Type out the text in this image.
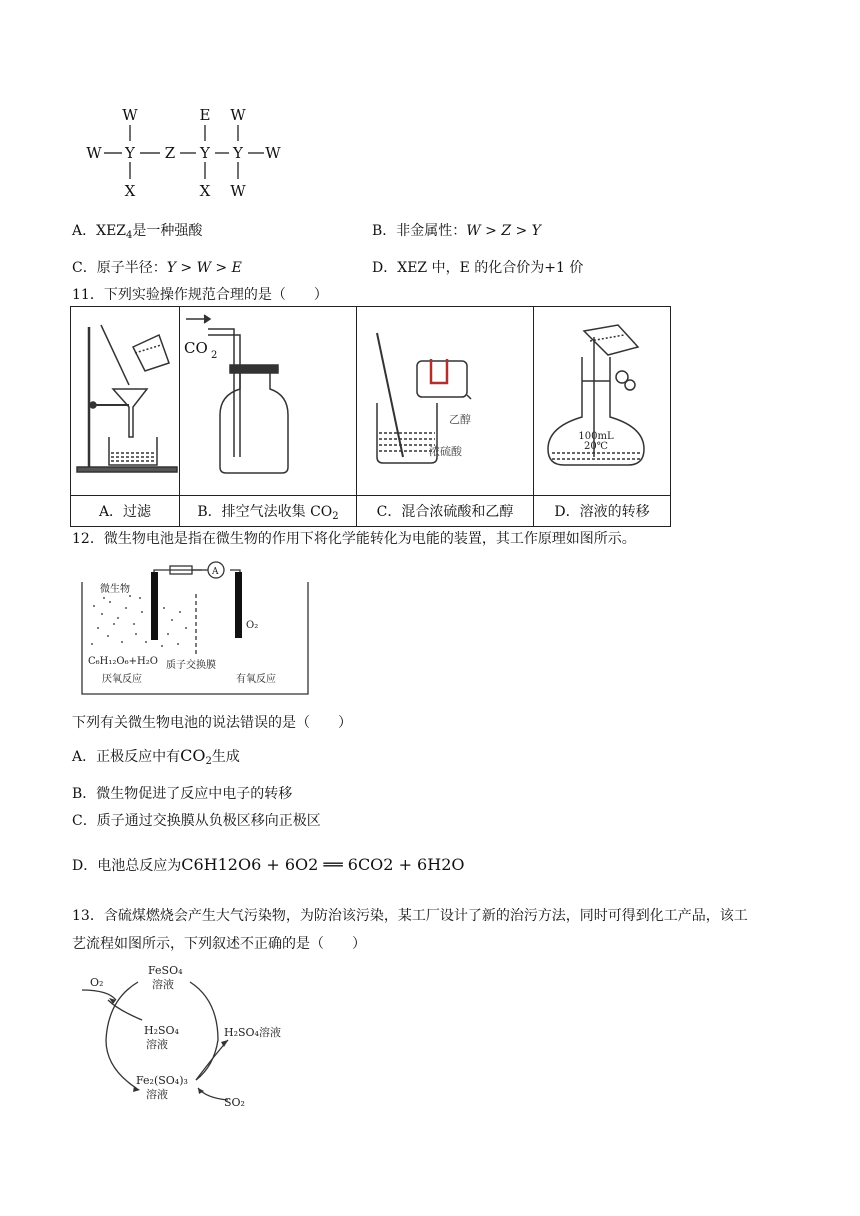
W
W Y Z Y Y W
X
E W
X W
A．$XEZ_4$是一种强酸	B．非金属性：W > Z > Y
C．原子半径：Y > W > E	D．XEZ 中，E 的化合价为+1 价
11．下列实验操作规范合理的是（　　）

CO 2	乙醇
浓硫酸	100mL
20℃

A．过滤	B．排空气法收集 $CO_2$	C．混合浓硫酸和乙醇	D．溶液的转移
12．微生物电池是指在微生物的作用下将化学能转化为电能的装置，其工作原理如图所示。
微生物
O₂
A
C₆H₁₂O₆+H₂O 质子交换膜
厌氧反应	有氧反应
下列有关微生物电池的说法错误的是（　　）
A．正极反应中有$CO_2$生成
B．微生物促进了反应中电子的转移
C．质子通过交换膜从负极区移向正极区
D．电池总反应为C6H12O6 + 6O2 ══ 6CO2 + 6H2O
13．含硫煤燃烧会产生大气污染物，为防治该污染，某工厂设计了新的治污方法，同时可得到化工产品，该工
艺流程如图所示，下列叙述不正确的是（　　）
FeSO₄
溶液
O₂
H₂SO₄
溶液
H₂SO₄溶液
Fe₂(SO₄)₃
溶液
SO₂
